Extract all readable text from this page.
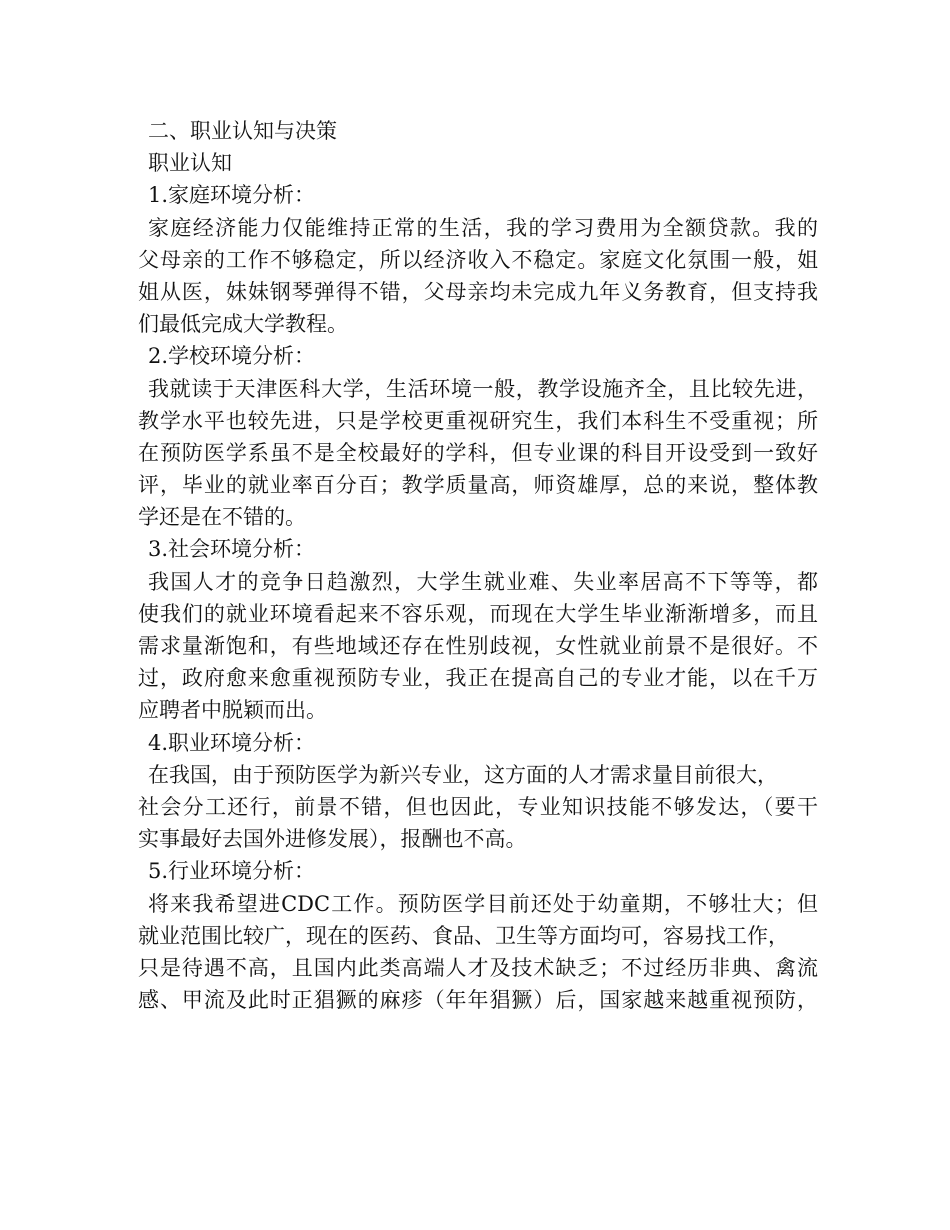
二、职业认知与决策
职业认知
1.家庭环境分析：
家庭经济能力仅能维持正常的生活，我的学习费用为全额贷款。我的
父母亲的工作不够稳定，所以经济收入不稳定。家庭文化氛围一般，姐
姐从医，妹妹钢琴弹得不错，父母亲均未完成九年义务教育，但支持我
们最低完成大学教程。
2.学校环境分析：
我就读于天津医科大学，生活环境一般，教学设施齐全，且比较先进，
教学水平也较先进，只是学校更重视研究生，我们本科生不受重视；所
在预防医学系虽不是全校最好的学科，但专业课的科目开设受到一致好
评，毕业的就业率百分百；教学质量高，师资雄厚，总的来说，整体教
学还是在不错的。
3.社会环境分析：
我国人才的竞争日趋激烈，大学生就业难、失业率居高不下等等，都
使我们的就业环境看起来不容乐观，而现在大学生毕业渐渐增多，而且
需求量渐饱和，有些地域还存在性别歧视，女性就业前景不是很好。不
过，政府愈来愈重视预防专业，我正在提高自己的专业才能，以在千万
应聘者中脱颖而出。
4.职业环境分析：
在我国，由于预防医学为新兴专业，这方面的人才需求量目前很大，
社会分工还行，前景不错，但也因此，专业知识技能不够发达，（要干
实事最好去国外进修发展），报酬也不高。
5.行业环境分析：
将来我希望进CDC工作。预防医学目前还处于幼童期，不够壮大；但
就业范围比较广，现在的医药、食品、卫生等方面均可，容易找工作，
只是待遇不高，且国内此类高端人才及技术缺乏；不过经历非典、禽流
感、甲流及此时正猖獗的麻疹（年年猖獗）后，国家越来越重视预防，
